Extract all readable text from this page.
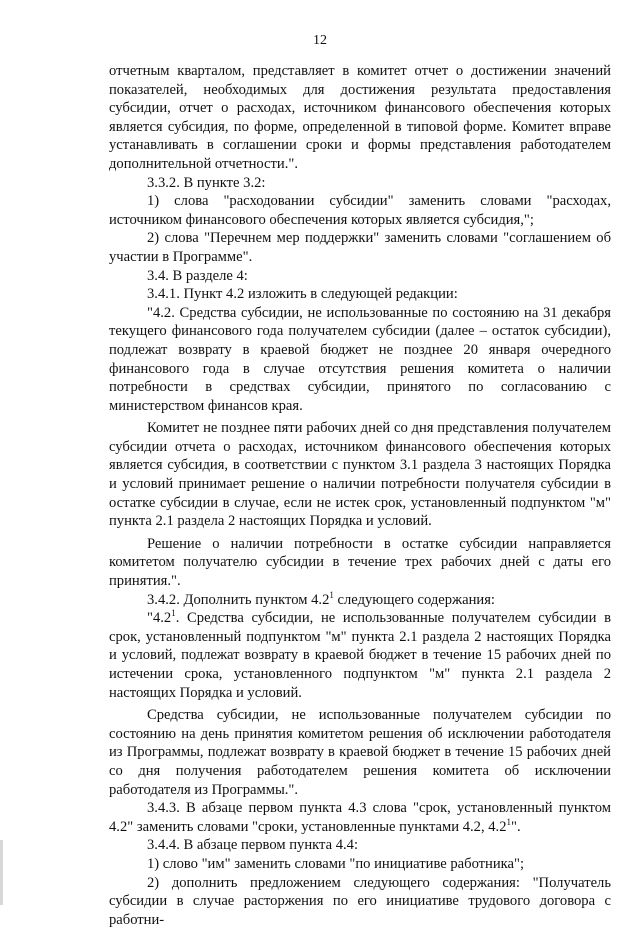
12

отчетным кварталом, представляет в комитет отчет о достижении значений показателей, необходимых для достижения результата предоставления субсидии, отчет о расходах, источником финансового обеспечения которых является субсидия, по форме, определенной в типовой форме. Комитет вправе устанавливать в соглашении сроки и формы представления работодателем дополнительной отчетности.".

3.3.2. В пункте 3.2:

1) слова "расходовании субсидии" заменить словами "расходах, источником финансового обеспечения которых является субсидия,";

2) слова "Перечнем мер поддержки" заменить словами "соглашением об участии в Программе".

3.4. В разделе 4:

3.4.1. Пункт 4.2 изложить в следующей редакции:

"4.2. Средства субсидии, не использованные по состоянию на 31 декабря текущего финансового года получателем субсидии (далее – остаток субсидии), подлежат возврату в краевой бюджет не позднее 20 января очередного финансового года в случае отсутствия решения комитета о наличии потребности в средствах субсидии, принятого по согласованию с министерством финансов края.

Комитет не позднее пяти рабочих дней со дня представления получателем субсидии отчета о расходах, источником финансового обеспечения которых является субсидия, в соответствии с пунктом 3.1 раздела 3 настоящих Порядка и условий принимает решение о наличии потребности получателя субсидии в остатке субсидии в случае, если не истек срок, установленный подпунктом "м" пункта 2.1 раздела 2 настоящих Порядка и условий.

Решение о наличии потребности в остатке субсидии направляется комитетом получателю субсидии в течение трех рабочих дней с даты его принятия.".

3.4.2. Дополнить пунктом $4.2^1$ следующего содержания:

"$4.2^1$. Средства субсидии, не использованные получателем субсидии в срок, установленный подпунктом "м" пункта 2.1 раздела 2 настоящих Порядка и условий, подлежат возврату в краевой бюджет в течение 15 рабочих дней по истечении срока, установленного подпунктом "м" пункта 2.1 раздела 2 настоящих Порядка и условий.

Средства субсидии, не использованные получателем субсидии по состоянию на день принятия комитетом решения об исключении работодателя из Программы, подлежат возврату в краевой бюджет в течение 15 рабочих дней со дня получения работодателем решения комитета об исключении работодателя из Программы.".

3.4.3. В абзаце первом пункта 4.3 слова "срок, установленный пунктом 4.2" заменить словами "сроки, установленные пунктами 4.2, $4.2^1$".

3.4.4. В абзаце первом пункта 4.4:

1) слово "им" заменить словами "по инициативе работника";

2) дополнить предложением следующего содержания: "Получатель субсидии в случае расторжения по его инициативе трудового договора с работни-
